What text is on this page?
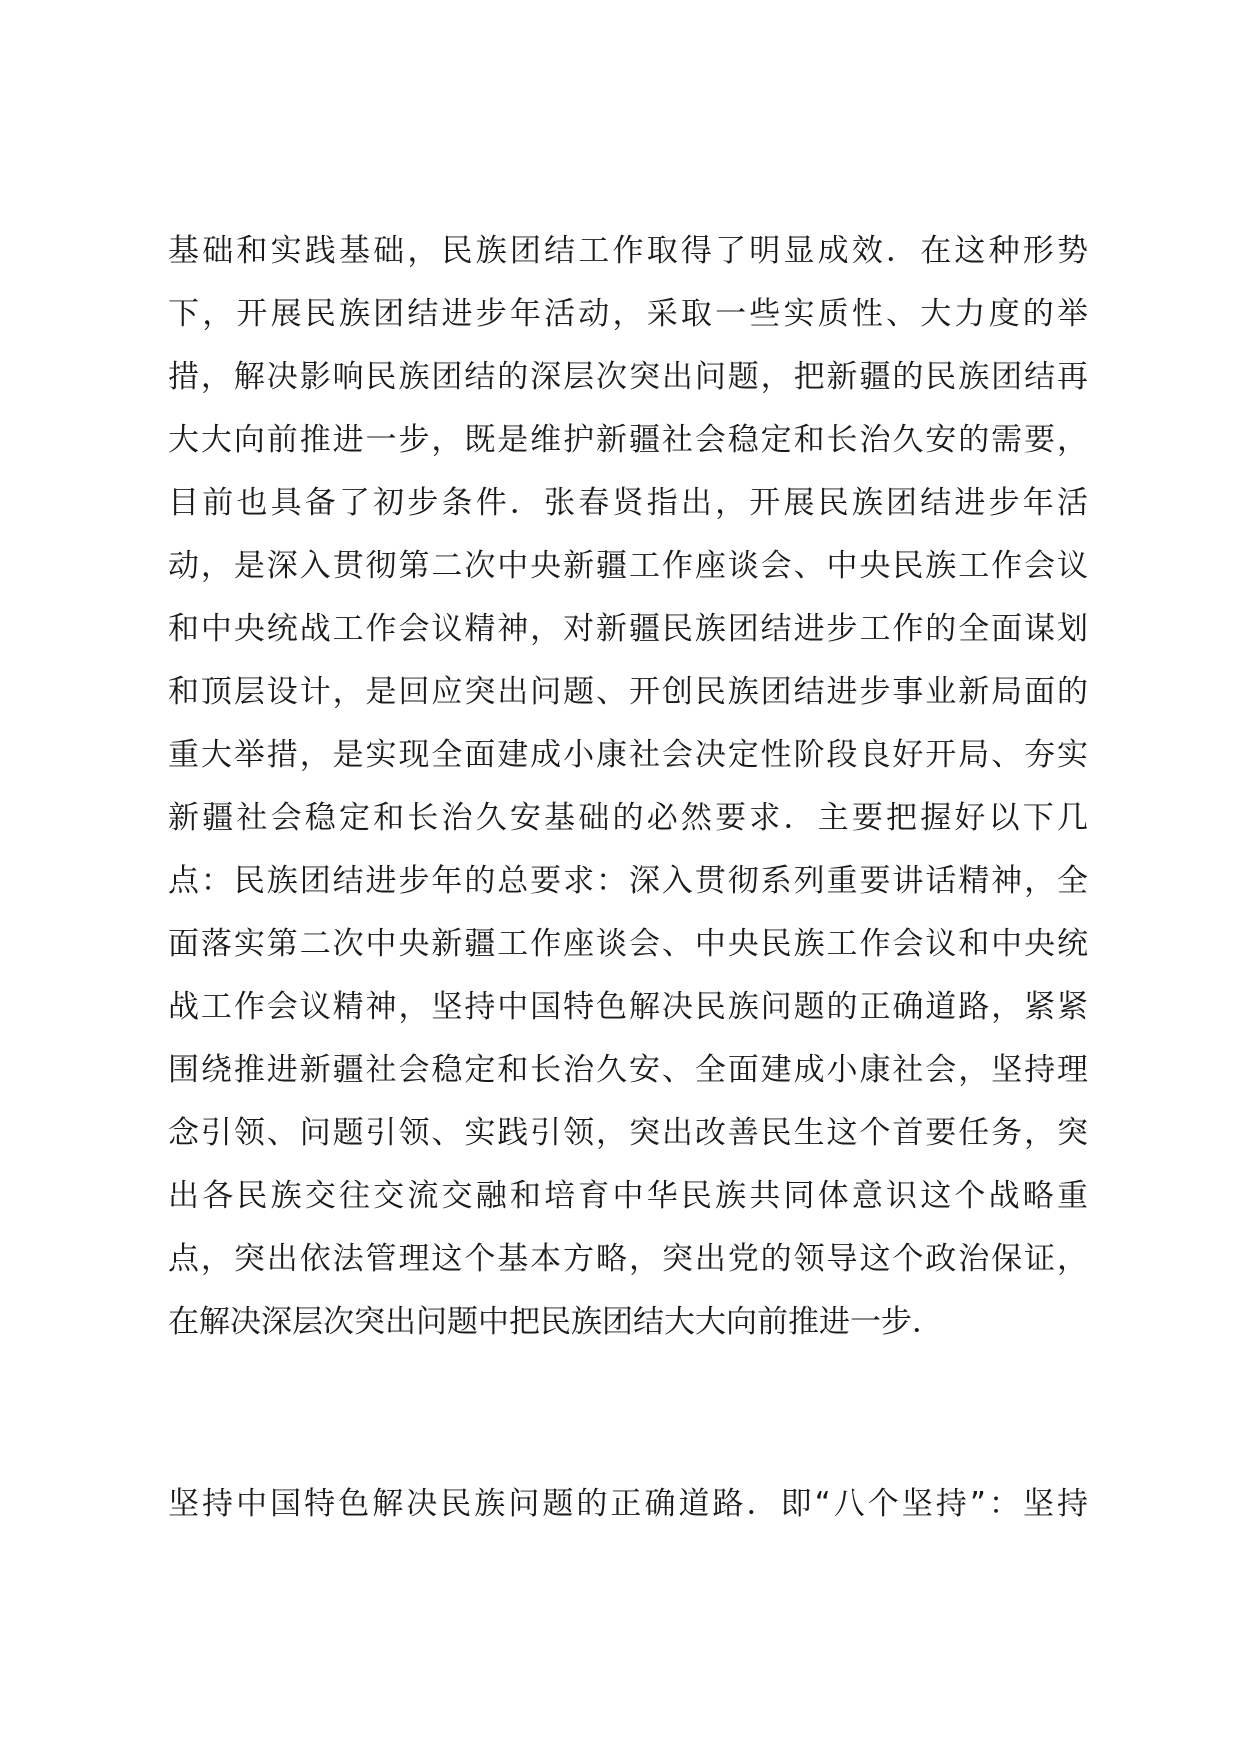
基础和实践基础，民族团结工作取得了明显成效．在这种形势
下，开展民族团结进步年活动，采取一些实质性、大力度的举
措，解决影响民族团结的深层次突出问题，把新疆的民族团结再
大大向前推进一步，既是维护新疆社会稳定和长治久安的需要，
目前也具备了初步条件．张春贤指出，开展民族团结进步年活
动，是深入贯彻第二次中央新疆工作座谈会、中央民族工作会议
和中央统战工作会议精神，对新疆民族团结进步工作的全面谋划
和顶层设计，是回应突出问题、开创民族团结进步事业新局面的
重大举措，是实现全面建成小康社会决定性阶段良好开局、夯实
新疆社会稳定和长治久安基础的必然要求．主要把握好以下几
点：民族团结进步年的总要求：深入贯彻系列重要讲话精神，全
面落实第二次中央新疆工作座谈会、中央民族工作会议和中央统
战工作会议精神，坚持中国特色解决民族问题的正确道路，紧紧
围绕推进新疆社会稳定和长治久安、全面建成小康社会，坚持理
念引领、问题引领、实践引领，突出改善民生这个首要任务，突
出各民族交往交流交融和培育中华民族共同体意识这个战略重
点，突出依法管理这个基本方略，突出党的领导这个政治保证，
在解决深层次突出问题中把民族团结大大向前推进一步．
坚持中国特色解决民族问题的正确道路．即“八个坚持”：坚持
